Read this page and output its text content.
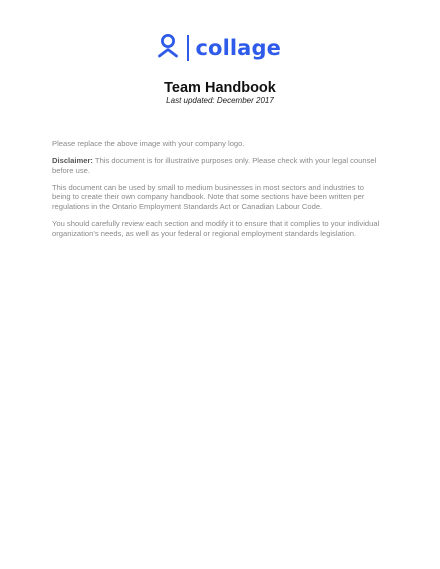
collage
Team Handbook
Last updated: December 2017

Please replace the above image with your company logo.

Disclaimer: This document is for illustrative purposes only. Please check with your legal counsel before use.

This document can be used by small to medium businesses in most sectors and industries to being to create their own company handbook. Note that some sections have been written per regulations in the Ontario Employment Standards Act or Canadian Labour Code.

You should carefully review each section and modify it to ensure that it complies to your individual organization's needs, as well as your federal or regional employment standards legislation.
